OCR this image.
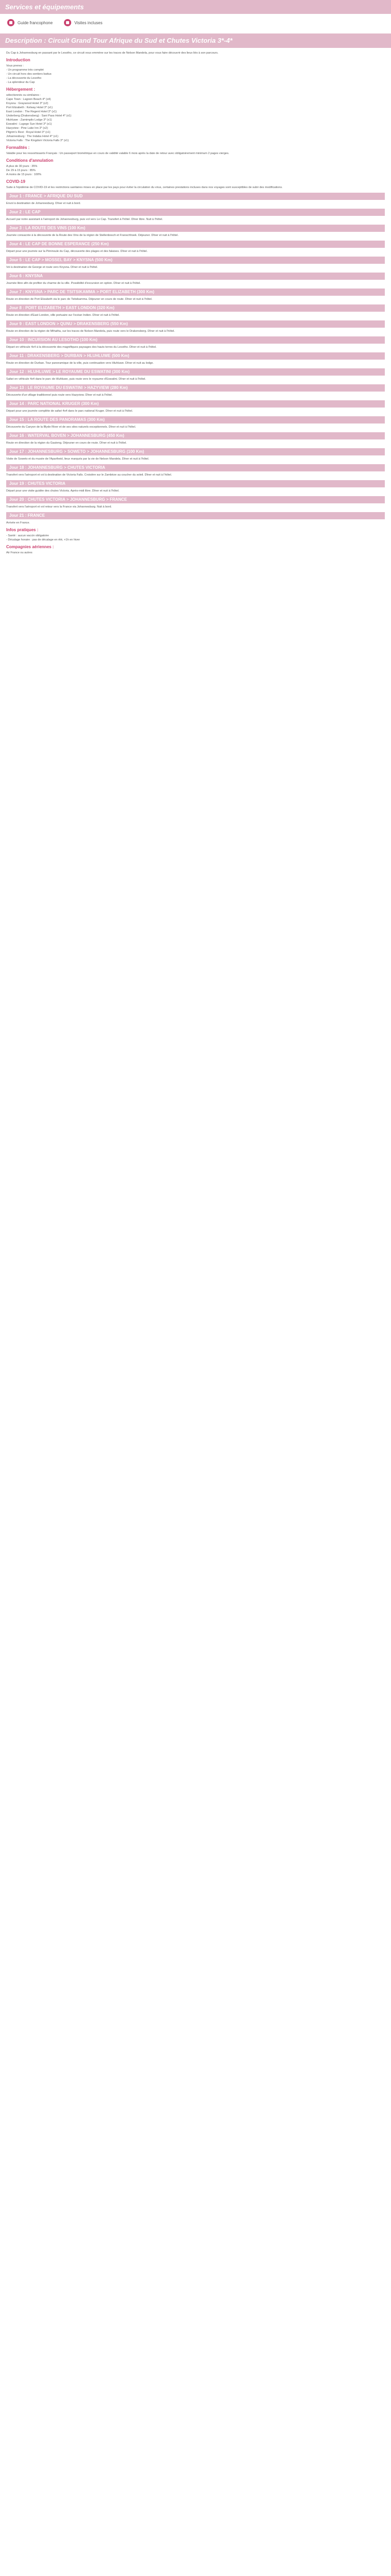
Services et équipements
Guide francophone	Visites incluses
Description : Circuit Grand Tour Afrique du Sud et Chutes Victoria 3*-4*

Du Cap à Johannesburg en passant par le Lesotho, ce circuit vous emmène sur les traces de Nelson Mandela, pour vous faire découvrir des lieux liés à son parcours.

Introduction
Vous prenez :
- Un programme très complet
- Un circuit hors des sentiers battus
- La découverte du Lesotho
- La splendeur du Cap
Hébergement :
sélectionnés ou similaires :
Cape Town : Lagoon Beach 4* (x4)
Knysna : Graywood Hotel 3* (x2)
Port Elizabeth : Kelway Hotel 3* (x1)
East London : The Regent Hotel 3* (x1)
Underberg (Drakensberg) : Sani Pass Hotel 4* (x1)
Hluhluwe : Zamimpilo Lodge 3* (x1)
Eswatini : Lugogo Sun Hotel 3* (x1)
Hazyview : Pine Lake Inn 3* (x2)
Pilgrim's Rest : Royal Hotel 3* (x1)
Johannesburg : The Indaba Hotel 4* (x1)
Victoria Falls : The Kingdom Victoria Falls 3* (x1)
Formalités :

Valable pour les ressortissants Français : Un passeport biométrique en cours de validité valable 6 mois après la date de retour avec obligatoirement minimum 2 pages vierges.

Conditions d'annulation
A plus de 30 jours : 35%
De 29 à 15 jours : 85%
A moins de 15 jours : 100%
COVID-19

Suite à l'épidémie de COVID-19 et les restrictions sanitaires mises en place par les pays pour éviter la circulation du virus, certaines prestations incluses dans nos voyages sont susceptibles de subir des modifications.

Jour 1 : FRANCE > AFRIQUE DU SUD

Envol à destination de Johannesburg. Dîner et nuit à bord.

Jour 2 : LE CAP

Accueil par notre assistant à l'aéroport de Johannesburg, puis vol vers Le Cap. Transfert à l'hôtel. Dîner libre. Nuit à l'hôtel.

Jour 3 : LA ROUTE DES VINS (100 Km)

Journée consacrée à la découverte de la Route des Vins de la région de Stellenbosch et Franschhoek. Déjeuner. Dîner et nuit à l'hôtel.

Jour 4 : LE CAP DE BONNE ESPERANCE (250 Km)

Départ pour une journée sur la Péninsule du Cap, découverte des plages et des falaises. Dîner et nuit à l'hôtel.

Jour 5 : LE CAP > MOSSEL BAY > KNYSNA (500 Km)

Vol à destination de George et route vers Knysna. Dîner et nuit à l'hôtel.

Jour 6 : KNYSNA

Journée libre afin de profiter du charme de la ville. Possibilité d'excursion en option. Dîner et nuit à l'hôtel.

Jour 7 : KNYSNA > PARC DE TSITSIKAMMA > PORT ELIZABETH (300 Km)

Route en direction de Port Elizabeth via le parc de Tsitsikamma. Déjeuner en cours de route. Dîner et nuit à l'hôtel.

Jour 8 : PORT ELIZABETH > EAST LONDON (320 Km)

Route en direction d'East London, ville portuaire sur l'océan Indien. Dîner et nuit à l'hôtel.

Jour 9 : EAST LONDON > QUNU > DRAKENSBERG (550 Km)

Route en direction de la région de Mthatha, sur les traces de Nelson Mandela, puis route vers le Drakensberg. Dîner et nuit à l'hôtel.

Jour 10 : INCURSION AU LESOTHO (100 Km)

Départ en véhicule 4x4 à la découverte des magnifiques paysages des hauts terres du Lesotho. Dîner et nuit à l'hôtel.

Jour 11 : DRAKENSBERG > DURBAN > HLUHLUWE (500 Km)

Route en direction de Durban. Tour panoramique de la ville, puis continuation vers Hluhluwe. Dîner et nuit au lodge.

Jour 12 : HLUHLUWE > LE ROYAUME DU ESWATINI (300 Km)

Safari en véhicule 4x4 dans le parc de Hluhluwe, puis route vers le royaume d'Eswatini. Dîner et nuit à l'hôtel.

Jour 13 : LE ROYAUME DU ESWATINI > HAZYVIEW (280 Km)

Découverte d'un village traditionnel puis route vers Hazyview. Dîner et nuit à l'hôtel.

Jour 14 : PARC NATIONAL KRUGER (300 Km)

Départ pour une journée complète de safari 4x4 dans le parc national Kruger. Dîner et nuit à l'hôtel.

Jour 15 : LA ROUTE DES PANORAMAS (300 Km)

Découverte du Canyon de la Blyde River et de ses sites naturels exceptionnels. Dîner et nuit à l'hôtel.

Jour 16 : WATERVAL BOVEN > JOHANNESBURG (450 Km)

Route en direction de la région du Gauteng. Déjeuner en cours de route. Dîner et nuit à l'hôtel.

Jour 17 : JOHANNESBURG > SOWETO > JOHANNESBURG (100 Km)

Visite de Soweto et du musée de l'Apartheid, lieux marqués par la vie de Nelson Mandela. Dîner et nuit à l'hôtel.

Jour 18 : JOHANNESBURG > CHUTES VICTORIA

Transfert vers l'aéroport et vol à destination de Victoria Falls. Croisière sur le Zambèze au coucher du soleil. Dîner et nuit à l'hôtel.

Jour 19 : CHUTES VICTORIA

Départ pour une visite guidée des chutes Victoria. Après-midi libre. Dîner et nuit à l'hôtel.

Jour 20 : CHUTES VICTORIA > JOHANNESBURG > FRANCE

Transfert vers l'aéroport et vol retour vers la France via Johannesburg. Nuit à bord.

Jour 21 : FRANCE

Arrivée en France.

Infos pratiques :
- Santé : aucun vaccin obligatoire
- Décalage horaire : pas de décalage en été, +1h en hiver
Compagnies aériennes :

Air France ou autres
